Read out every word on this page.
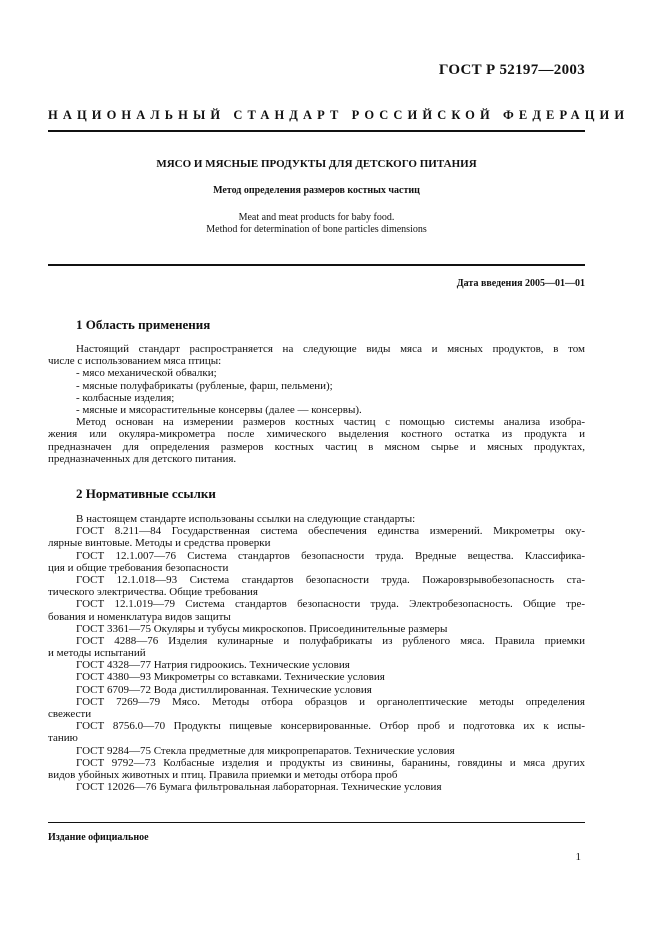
ГОСТ Р 52197—2003
НАЦИОНАЛЬНЫЙ СТАНДАРТ РОССИЙСКОЙ ФЕДЕРАЦИИ
МЯСО И МЯСНЫЕ ПРОДУКТЫ ДЛЯ ДЕТСКОГО ПИТАНИЯ
Метод определения размеров костных частиц
Meat and meat products for baby food.
Method for determination of bone particles dimensions
Дата введения 2005—01—01
1 Область применения
Настоящий стандарт распространяется на следующие виды мяса и мясных продуктов, в том
числе с использованием мяса птицы:
- мясо механической обвалки;
- мясные полуфабрикаты (рубленые, фарш, пельмени);
- колбасные изделия;
- мясные и мясорастительные консервы (далее — консервы).
Метод основан на измерении размеров костных частиц с помощью системы анализа изобра-
жения или окуляра-микрометра после химического выделения костного остатка из продукта и
предназначен для определения размеров костных частиц в мясном сырье и мясных продуктах,
предназначенных для детского питания.
2 Нормативные ссылки
В настоящем стандарте использованы ссылки на следующие стандарты:
ГОСТ 8.211—84 Государственная система обеспечения единства измерений. Микрометры оку-
лярные винтовые. Методы и средства проверки
ГОСТ 12.1.007—76 Система стандартов безопасности труда. Вредные вещества. Классифика-
ция и общие требования безопасности
ГОСТ 12.1.018—93 Система стандартов безопасности труда. Пожаровзрывобезопасность ста-
тического электричества. Общие требования
ГОСТ 12.1.019—79 Система стандартов безопасности труда. Электробезопасность. Общие тре-
бования и номенклатура видов защиты
ГОСТ 3361—75 Окуляры и тубусы микроскопов. Присоединительные размеры
ГОСТ 4288—76 Изделия кулинарные и полуфабрикаты из рубленого мяса. Правила приемки
и методы испытаний
ГОСТ 4328—77 Натрия гидроокись. Технические условия
ГОСТ 4380—93 Микрометры со вставками. Технические условия
ГОСТ 6709—72 Вода дистиллированная. Технические условия
ГОСТ 7269—79 Мясо. Методы отбора образцов и органолептические методы определения
свежести
ГОСТ 8756.0—70 Продукты пищевые консервированные. Отбор проб и подготовка их к испы-
танию
ГОСТ 9284—75 Стекла предметные для микропрепаратов. Технические условия
ГОСТ 9792—73 Колбасные изделия и продукты из свинины, баранины, говядины и мяса других
видов убойных животных и птиц. Правила приемки и методы отбора проб
ГОСТ 12026—76 Бумага фильтровальная лабораторная. Технические условия
Издание официальное
1
